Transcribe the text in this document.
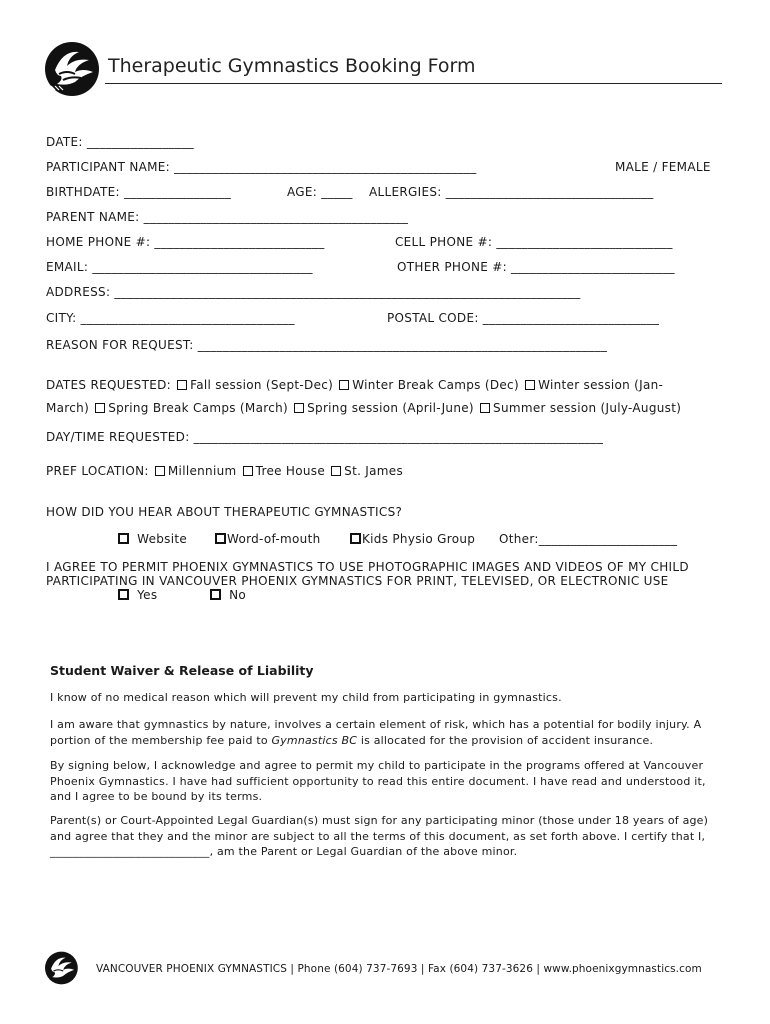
Therapeutic Gymnastics Booking Form
DATE: _________________
PARTICIPANT NAME: ________________________________________________	MALE / FEMALE
BIRTHDATE: _________________	AGE: _____ ALLERGIES: _________________________________
PARENT NAME: __________________________________________
HOME PHONE #: ___________________________	CELL PHONE #: ____________________________
EMAIL: ___________________________________	OTHER PHONE #: __________________________
ADDRESS: __________________________________________________________________________
CITY: __________________________________	POSTAL CODE: ____________________________
REASON FOR REQUEST: _________________________________________________________________
DATES REQUESTED: Fall session (Sept-Dec) Winter Break Camps (Dec) Winter session (Jan-
March) Spring Break Camps (March) Spring session (April-June) Summer session (July-August)
DAY/TIME REQUESTED: _________________________________________________________________
PREF LOCATION: Millennium Tree House St. James
HOW DID YOU HEAR ABOUT THERAPEUTIC GYMNASTICS?
Website	Word-of-mouth	Kids Physio Group Other:______________________
I AGREE TO PERMIT PHOENIX GYMNASTICS TO USE PHOTOGRAPHIC IMAGES AND VIDEOS OF MY CHILD
PARTICIPATING IN VANCOUVER PHOENIX GYMNASTICS FOR PRINT, TELEVISED, OR ELECTRONIC USE
Yes	No
Student Waiver & Release of Liability
I know of no medical reason which will prevent my child from participating in gymnastics.
I am aware that gymnastics by nature, involves a certain element of risk, which has a potential for bodily injury. A portion of the membership fee paid to Gymnastics BC is allocated for the provision of accident insurance.
By signing below, I acknowledge and agree to permit my child to participate in the programs offered at Vancouver Phoenix Gymnastics. I have had sufficient opportunity to read this entire document. I have read and understood it, and I agree to be bound by its terms.
Parent(s) or Court-Appointed Legal Guardian(s) must sign for any participating minor (those under 18 years of age) and agree that they and the minor are subject to all the terms of this document, as set forth above. I certify that I, ____________________________, am the Parent or Legal Guardian of the above minor.
VANCOUVER PHOENIX GYMNASTICS | Phone (604) 737-7693 | Fax (604) 737-3626 | www.phoenixgymnastics.com
